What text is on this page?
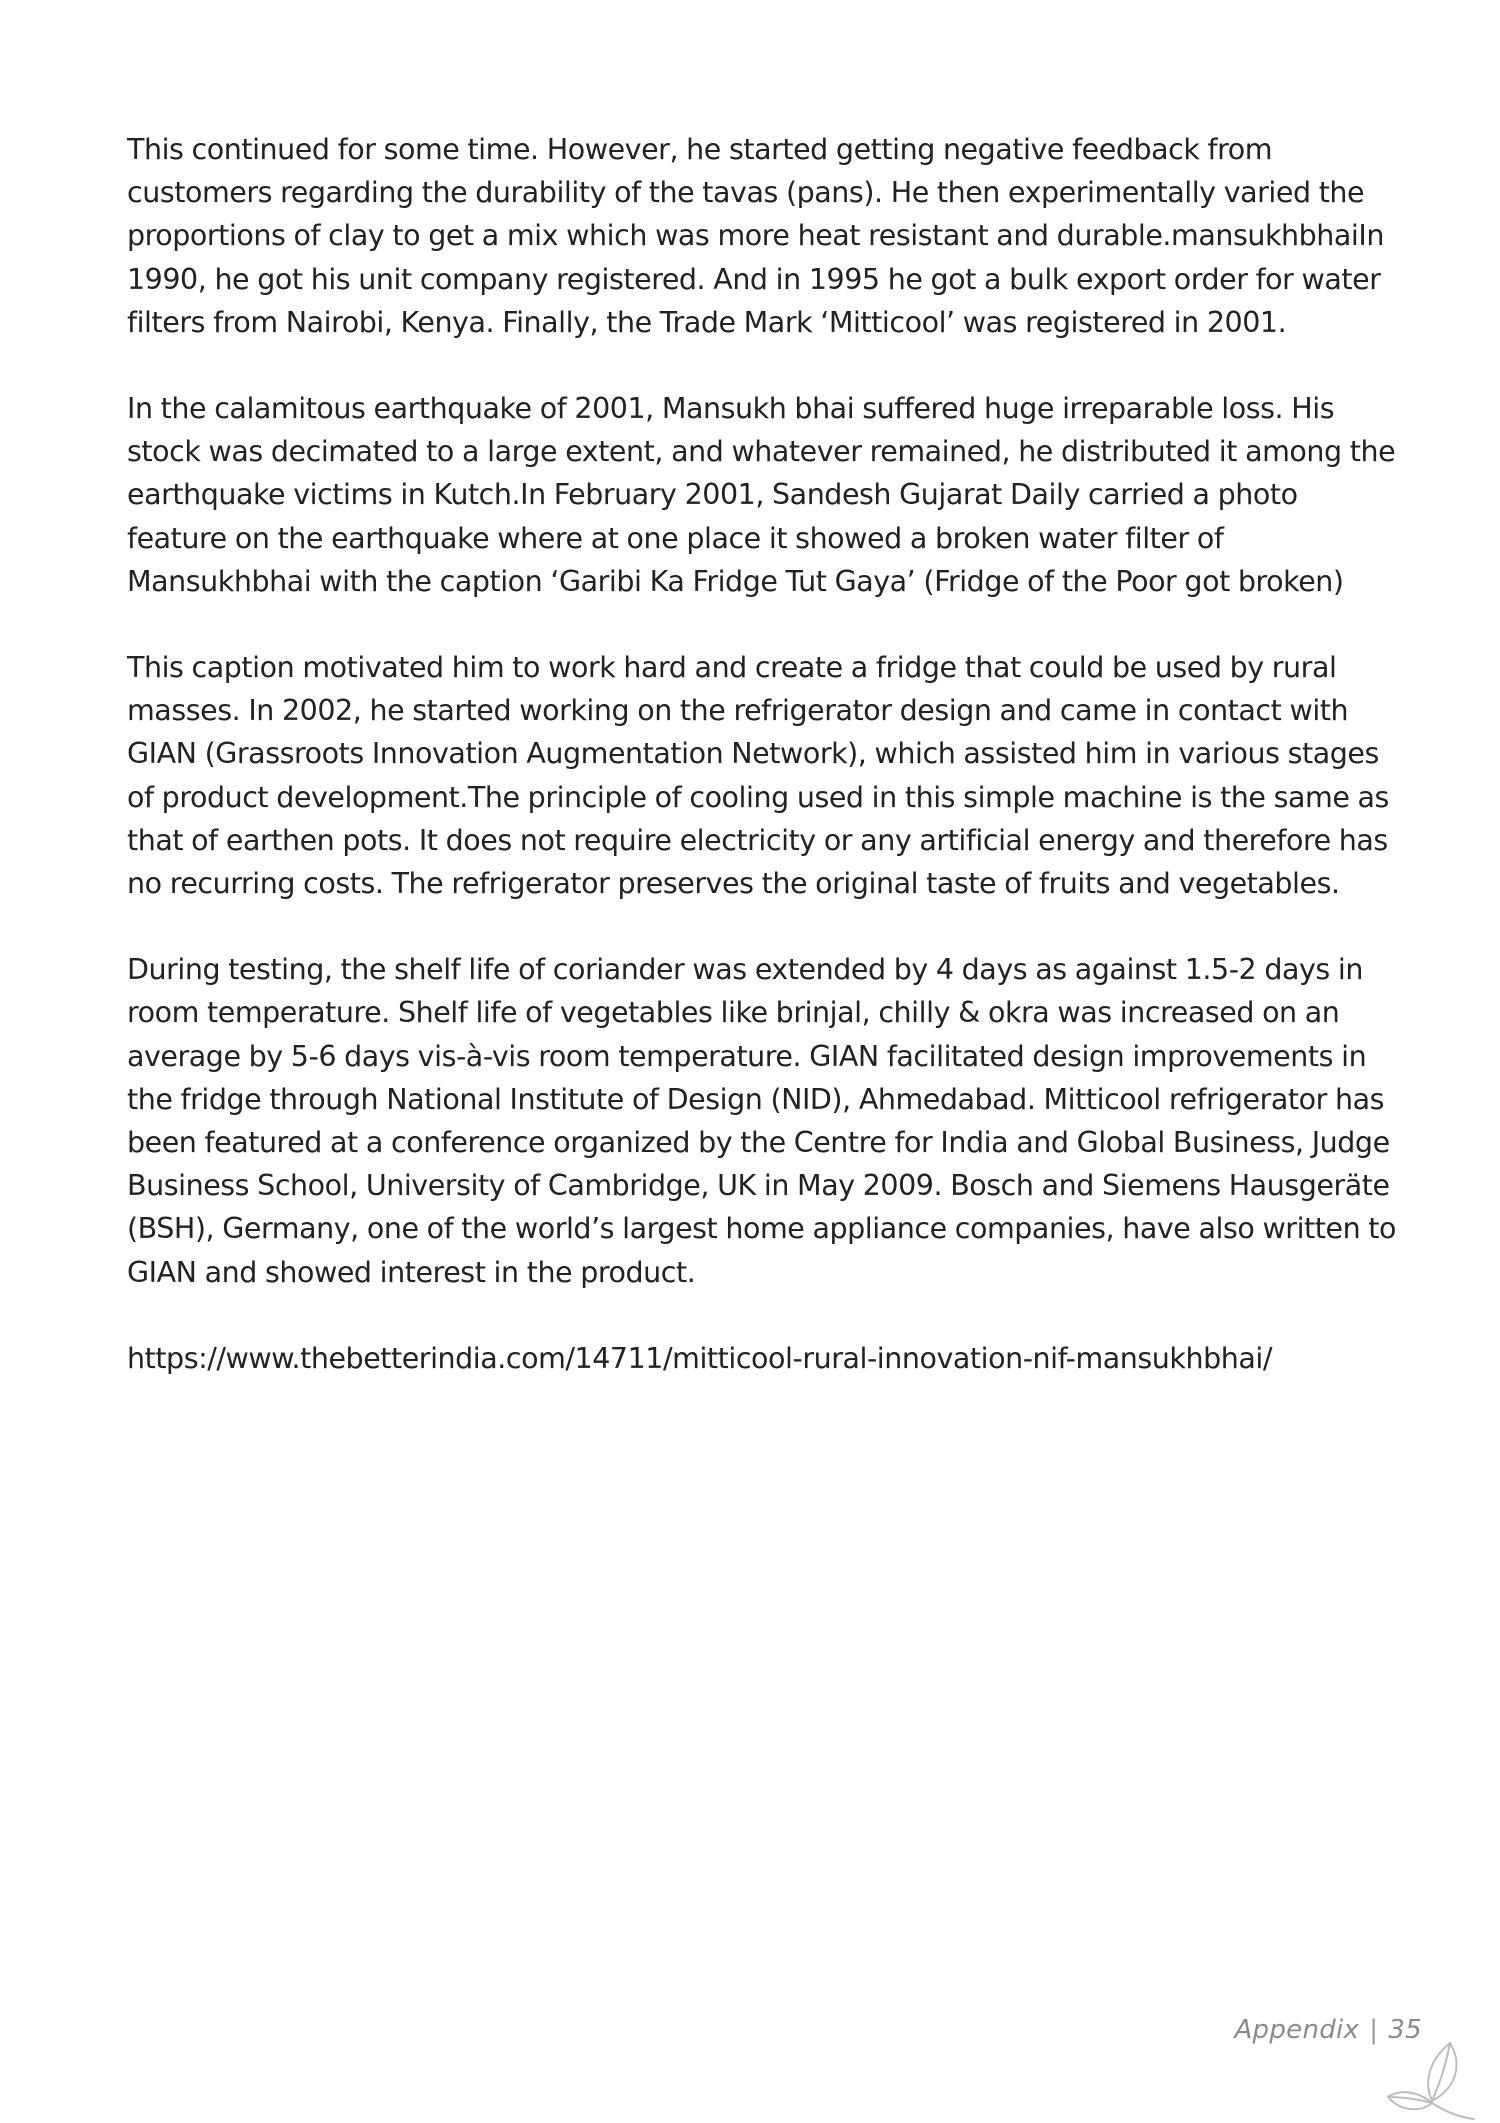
This continued for some time. However, he started getting negative feedback from customers regarding the durability of the tavas (pans). He then experimentally varied the proportions of clay to get a mix which was more heat resistant and durable.mansukhbhaiIn 1990, he got his unit company registered. And in 1995 he got a bulk export order for water filters from Nairobi, Kenya. Finally, the Trade Mark ‘Mitticool’ was registered in 2001.

In the calamitous earthquake of 2001, Mansukh bhai suffered huge irreparable loss. His stock was decimated to a large extent, and whatever remained, he distributed it among the earthquake victims in Kutch.In February 2001, Sandesh Gujarat Daily carried a photo feature on the earthquake where at one place it showed a broken water filter of Mansukhbhai with the caption ‘Garibi Ka Fridge Tut Gaya’ (Fridge of the Poor got broken)

This caption motivated him to work hard and create a fridge that could be used by rural masses. In 2002, he started working on the refrigerator design and came in contact with GIAN (Grassroots Innovation Augmentation Network), which assisted him in various stages of product development.The principle of cooling used in this simple machine is the same as that of earthen pots. It does not require electricity or any artificial energy and therefore has no recurring costs. The refrigerator preserves the original taste of fruits and vegetables.

During testing, the shelf life of coriander was extended by 4 days as against 1.5-2 days in room temperature. Shelf life of vegetables like brinjal, chilly & okra was increased on an average by 5-6 days vis-à-vis room temperature. GIAN facilitated design improvements in the fridge through National Institute of Design (NID), Ahmedabad. Mitticool refrigerator has been featured at a conference organized by the Centre for India and Global Business, Judge Business School, University of Cambridge, UK in May 2009. Bosch and Siemens Hausgeräte (BSH), Germany, one of the world’s largest home appliance companies, have also written to GIAN and showed interest in the product.

https://www.thebetterindia.com/14711/mitticool-rural-innovation-nif-mansukhbhai/

Appendix | 35
